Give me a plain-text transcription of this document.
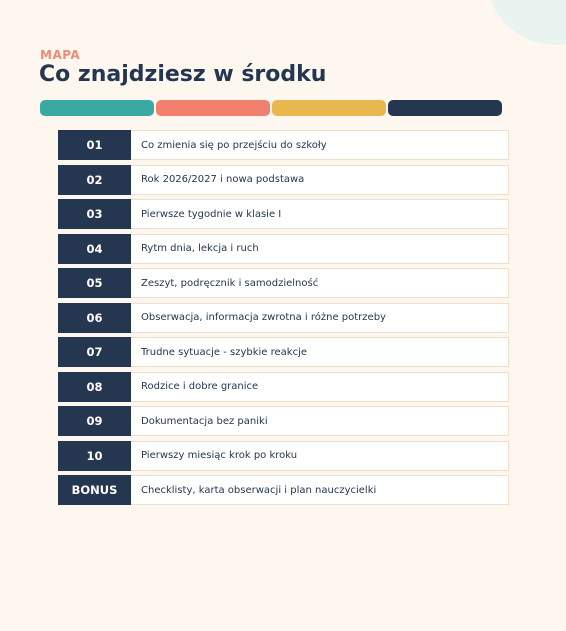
MAPA
Co znajdziesz w środku
01	Co zmienia się po przejściu do szkoły
02	Rok 2026/2027 i nowa podstawa
03	Pierwsze tygodnie w klasie I
04	Rytm dnia, lekcja i ruch
05	Zeszyt, podręcznik i samodzielność
06	Obserwacja, informacja zwrotna i różne potrzeby
07	Trudne sytuacje - szybkie reakcje
08	Rodzice i dobre granice
09	Dokumentacja bez paniki
10	Pierwszy miesiąc krok po kroku
BONUS	Checklisty, karta obserwacji i plan nauczycielki
